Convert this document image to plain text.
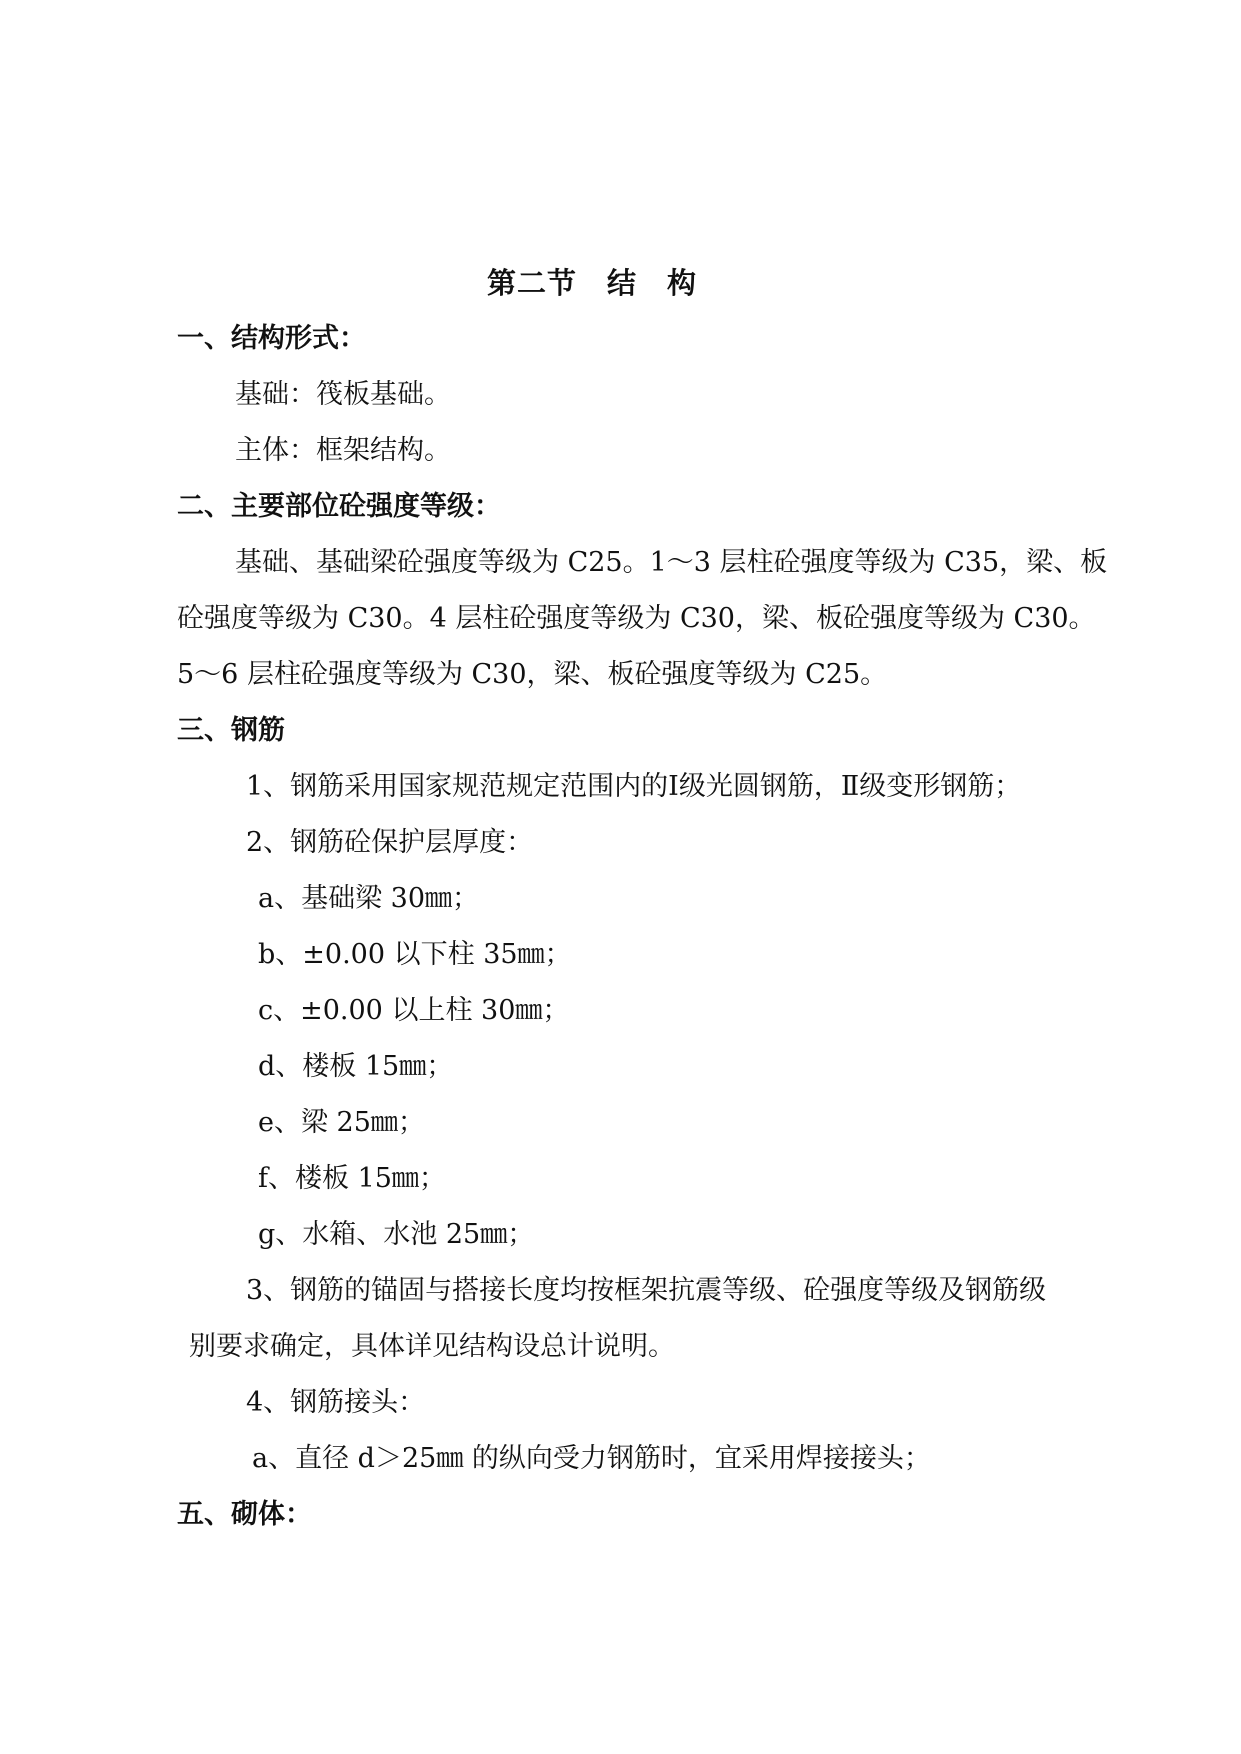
第二节　结　构
一、结构形式：
基础：筏板基础。
主体：框架结构。
二、主要部位砼强度等级：
基础、基础梁砼强度等级为 C25。1～3 层柱砼强度等级为 C35，梁、板
砼强度等级为 C30。4 层柱砼强度等级为 C30，梁、板砼强度等级为 C30。
5～6 层柱砼强度等级为 C30，梁、板砼强度等级为 C25。
三、钢筋
1、钢筋采用国家规范规定范围内的Ⅰ级光圆钢筋，Ⅱ级变形钢筋；
2、钢筋砼保护层厚度：
a、基础梁 30㎜；
b、±0.00 以下柱 35㎜；
c、±0.00 以上柱 30㎜；
d、楼板 15㎜；
e、梁 25㎜；
f、楼板 15㎜；
g、水箱、水池 25㎜；
3、钢筋的锚固与搭接长度均按框架抗震等级、砼强度等级及钢筋级
别要求确定，具体详见结构设总计说明。
4、钢筋接头：
a、直径 d＞25㎜ 的纵向受力钢筋时，宜采用焊接接头；
五、砌体：
